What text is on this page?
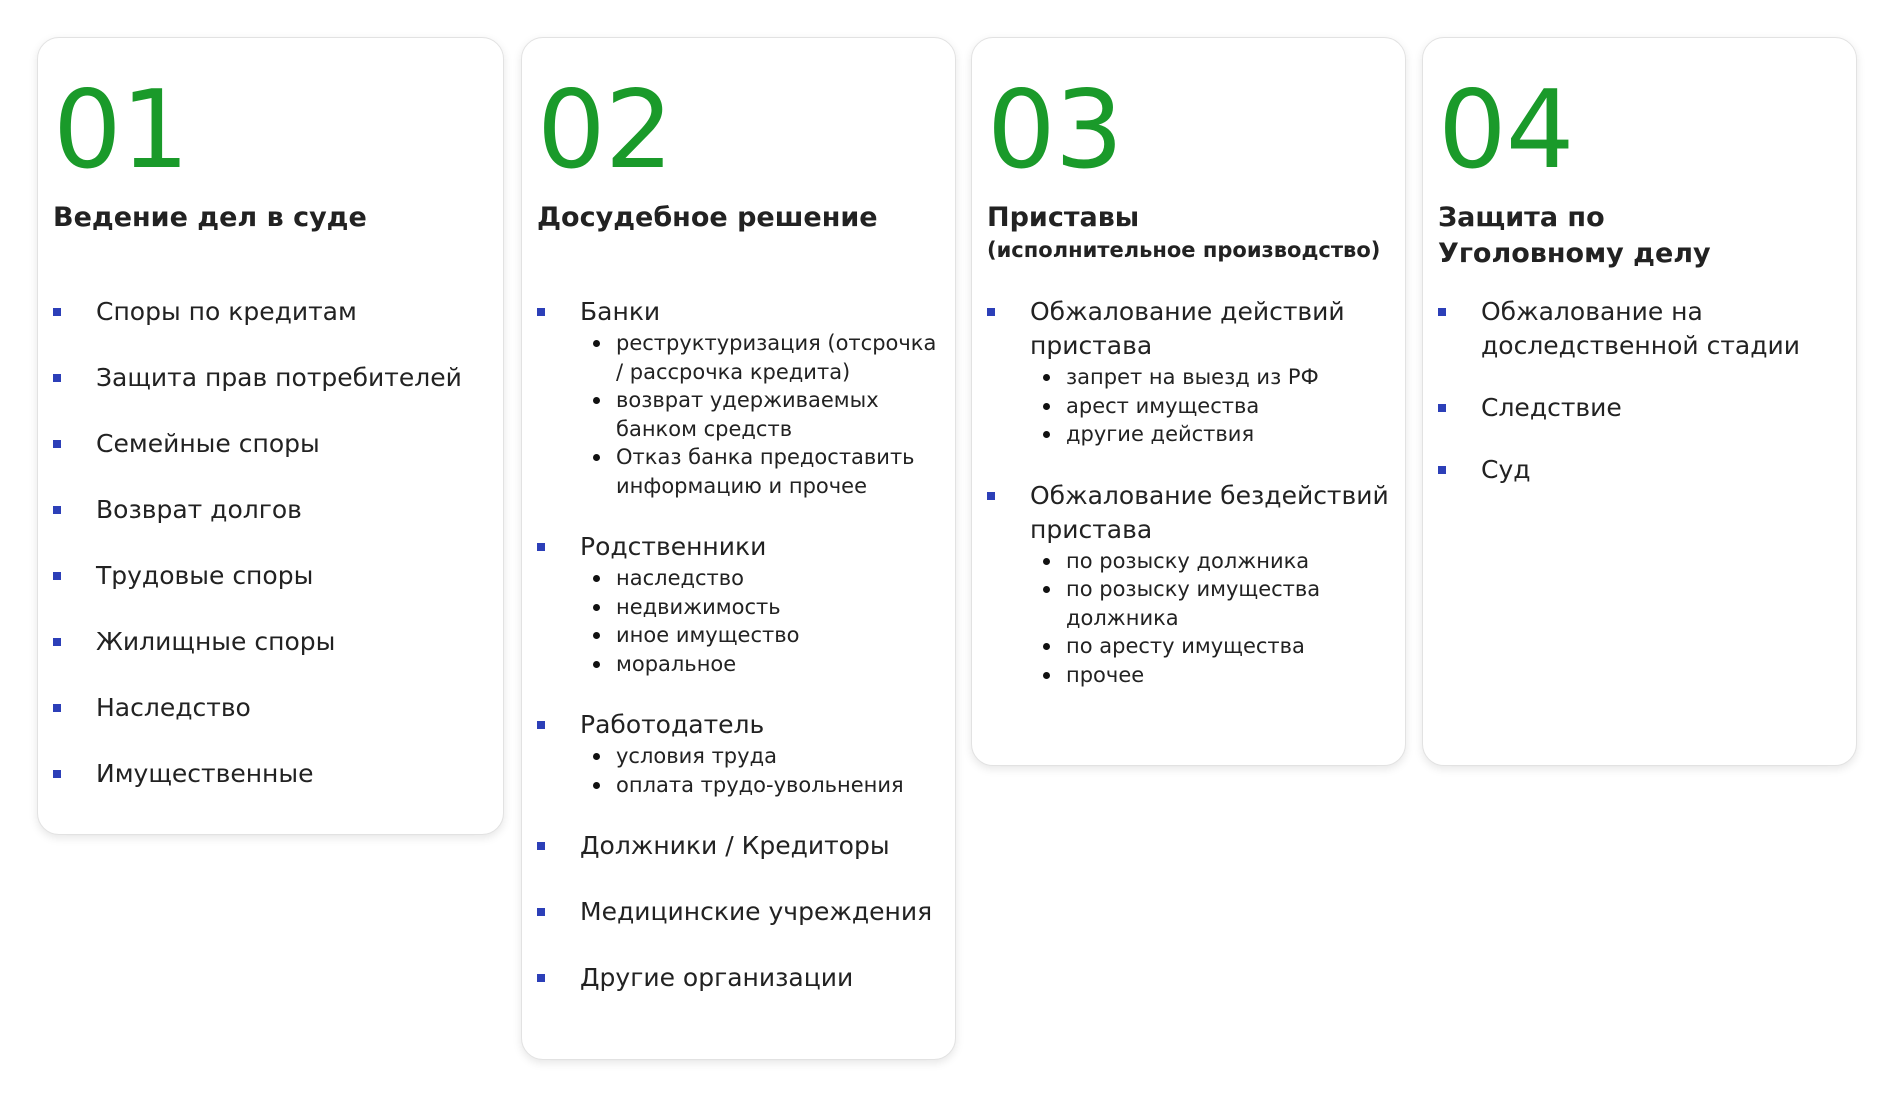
01
Ведение дел в суде
Споры по кредитам
Защита прав потребителей
Семейные споры
Возврат долгов
Трудовые споры
Жилищные споры
Наследство
Имущественные
02
Досудебное решение
Банки
реструктуризация (отсрочка / рассрочка кредита)
возврат удерживаемых банком средств
Отказ банка предоставить информацию и прочее
Родственники
наследство
недвижимость
иное имущество
моральное
Работодатель
условия труда
оплата трудо-увольнения
Должники / Кредиторы
Медицинские учреждения
Другие организации
03
Приставы
(исполнительное производство)
Обжалование действий пристава
запрет на выезд из РФ
арест имущества
другие действия
Обжалование бездействий пристава
по розыску должника
по розыску имущества должника
по аресту имущества
прочее
04
Защита по Уголовному делу
Обжалование на доследственной стадии
Следствие
Суд
